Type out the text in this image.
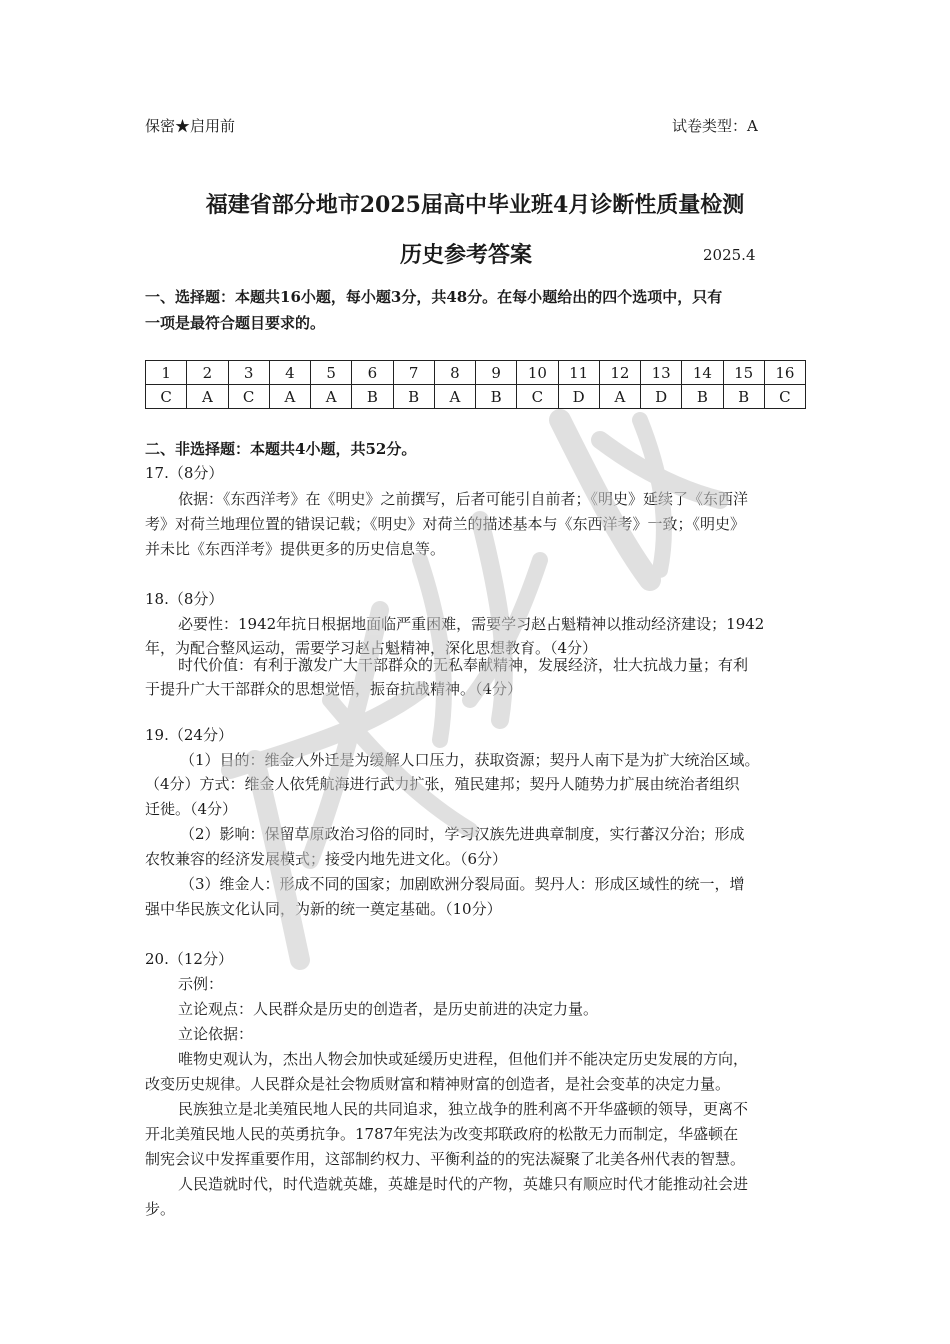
保密★启用前	试卷类型：A
福建省部分地市2025届高中毕业班4月诊断性质量检测
历史参考答案	2025.4
一、选择题：本题共16小题，每小题3分，共48分。在每小题给出的四个选项中，只有
一项是最符合题目要求的。
1	2	3	4	5	6	7	8	9	10	11	12	13	14	15	16
C	A	C	A	A	B	B	A	B	C	D	A	D	B	B	C
二、非选择题：本题共4小题，共52分。
17.（8分）
依据：《东西洋考》在《明史》之前撰写，后者可能引自前者；《明史》延续了《东西洋
考》对荷兰地理位置的错误记载；《明史》对荷兰的描述基本与《东西洋考》一致；《明史》
并未比《东西洋考》提供更多的历史信息等。
18.（8分）
必要性：1942年抗日根据地面临严重困难，需要学习赵占魁精神以推动经济建设；1942
年，为配合整风运动，需要学习赵占魁精神，深化思想教育。（4分）
时代价值：有利于激发广大干部群众的无私奉献精神，发展经济，壮大抗战力量；有利
于提升广大干部群众的思想觉悟，振奋抗战精神。（4分）
19.（24分）
（1）目的：维金人外迁是为缓解人口压力，获取资源；契丹人南下是为扩大统治区域。
（4分）方式：维金人依凭航海进行武力扩张，殖民建邦；契丹人随势力扩展由统治者组织
迁徙。（4分）
（2）影响：保留草原政治习俗的同时，学习汉族先进典章制度，实行蕃汉分治；形成
农牧兼容的经济发展模式；接受内地先进文化。（6分）
（3）维金人：形成不同的国家；加剧欧洲分裂局面。契丹人：形成区域性的统一，增
强中华民族文化认同，为新的统一奠定基础。（10分）
20.（12分）
示例：
立论观点：人民群众是历史的创造者，是历史前进的决定力量。
立论依据：
唯物史观认为，杰出人物会加快或延缓历史进程，但他们并不能决定历史发展的方向，
改变历史规律。人民群众是社会物质财富和精神财富的创造者，是社会变革的决定力量。
民族独立是北美殖民地人民的共同追求，独立战争的胜利离不开华盛顿的领导，更离不
开北美殖民地人民的英勇抗争。1787年宪法为改变邦联政府的松散无力而制定，华盛顿在
制宪会议中发挥重要作用，这部制约权力、平衡利益的的宪法凝聚了北美各州代表的智慧。
人民造就时代，时代造就英雄，英雄是时代的产物，英雄只有顺应时代才能推动社会进
步。
